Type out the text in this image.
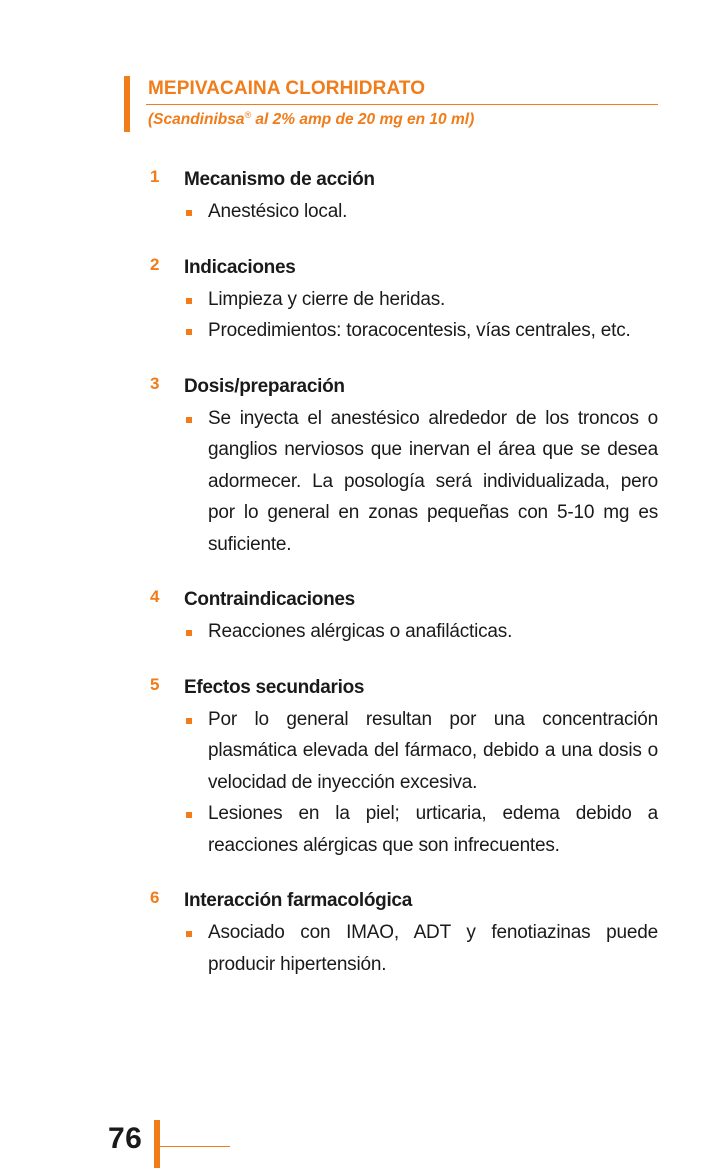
MEPIVACAINA CLORHIDRATO
(Scandinibsa® al 2% amp de 20 mg en 10 ml)
1 Mecanismo de acción
Anestésico local.
2 Indicaciones
Limpieza y cierre de heridas.
Procedimientos: toracocentesis, vías centrales, etc.
3 Dosis/preparación
Se inyecta el anestésico alrededor de los troncos o ganglios nerviosos que inervan el área que se desea adormecer. La posología será individualizada, pero por lo general en zonas pequeñas con 5-10 mg es suficiente.
4 Contraindicaciones
Reacciones alérgicas o anafilácticas.
5 Efectos secundarios
Por lo general resultan por una concentración plasmática elevada del fármaco, debido a una dosis o velocidad de inyección excesiva.
Lesiones en la piel; urticaria, edema debido a reacciones alérgicas que son infrecuentes.
6 Interacción farmacológica
Asociado con IMAO, ADT y fenotiazinas puede producir hipertensión.
76
